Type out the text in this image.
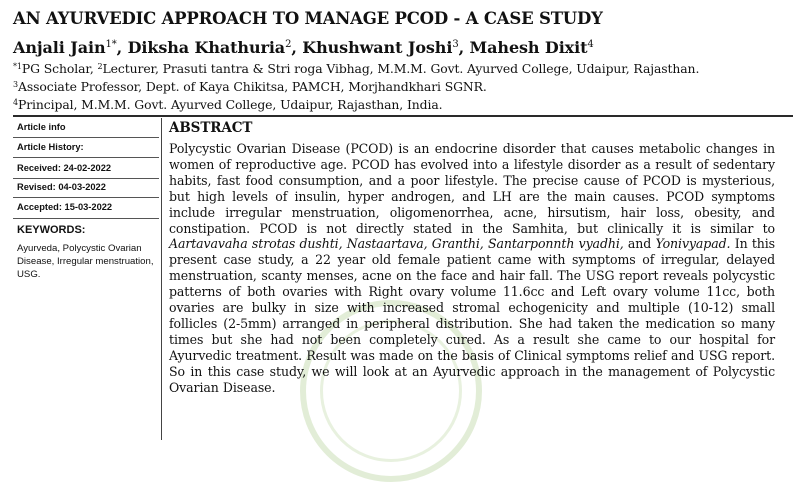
AN AYURVEDIC APPROACH TO MANAGE PCOD - A CASE STUDY
Anjali Jain$^{1*}$, Diksha Khathuria$^2$, Khushwant Joshi$^3$, Mahesh Dixit$^4$
$^{*1}$PG Scholar, $^2$Lecturer, Prasuti tantra & Stri roga Vibhag, M.M.M. Govt. Ayurved College, Udaipur, Rajasthan.
$^3$Associate Professor, Dept. of Kaya Chikitsa, PAMCH, Morjhandkhari SGNR.
$^4$Principal, M.M.M. Govt. Ayurved College, Udaipur, Rajasthan, India.
Article info
Article History:
Received: 24-02-2022
Revised: 04-03-2022
Accepted: 15-03-2022
KEYWORDS:
Ayurveda, Polycystic Ovarian Disease, Irregular menstruation, USG.
ABSTRACT

Polycystic Ovarian Disease (PCOD) is an endocrine disorder that causes metabolic changes in women of reproductive age. PCOD has evolved into a lifestyle disorder as a result of sedentary habits, fast food consumption, and a poor lifestyle. The precise cause of PCOD is mysterious, but high levels of insulin, hyper androgen, and LH are the main causes. PCOD symptoms include irregular menstruation, oligomenorrhea, acne, hirsutism, hair loss, obesity, and constipation. PCOD is not directly stated in the Samhita, but clinically it is similar to Aartavavaha strotas dushti, Nastaartava, Granthi, Santarponnth vyadhi, and Yonivyapad. In this present case study, a 22 year old female patient came with symptoms of irregular, delayed menstruation, scanty menses, acne on the face and hair fall. The USG report reveals polycystic patterns of both ovaries with Right ovary volume 11.6cc and Left ovary volume 11cc, both ovaries are bulky in size with increased stromal echogenicity and multiple (10-12) small follicles (2-5mm) arranged in peripheral distribution. She had taken the medication so many times but she had not been completely cured. As a result she came to our hospital for Ayurvedic treatment. Result was made on the basis of Clinical symptoms relief and USG report. So in this case study, we will look at an Ayurvedic approach in the management of Polycystic Ovarian Disease.
